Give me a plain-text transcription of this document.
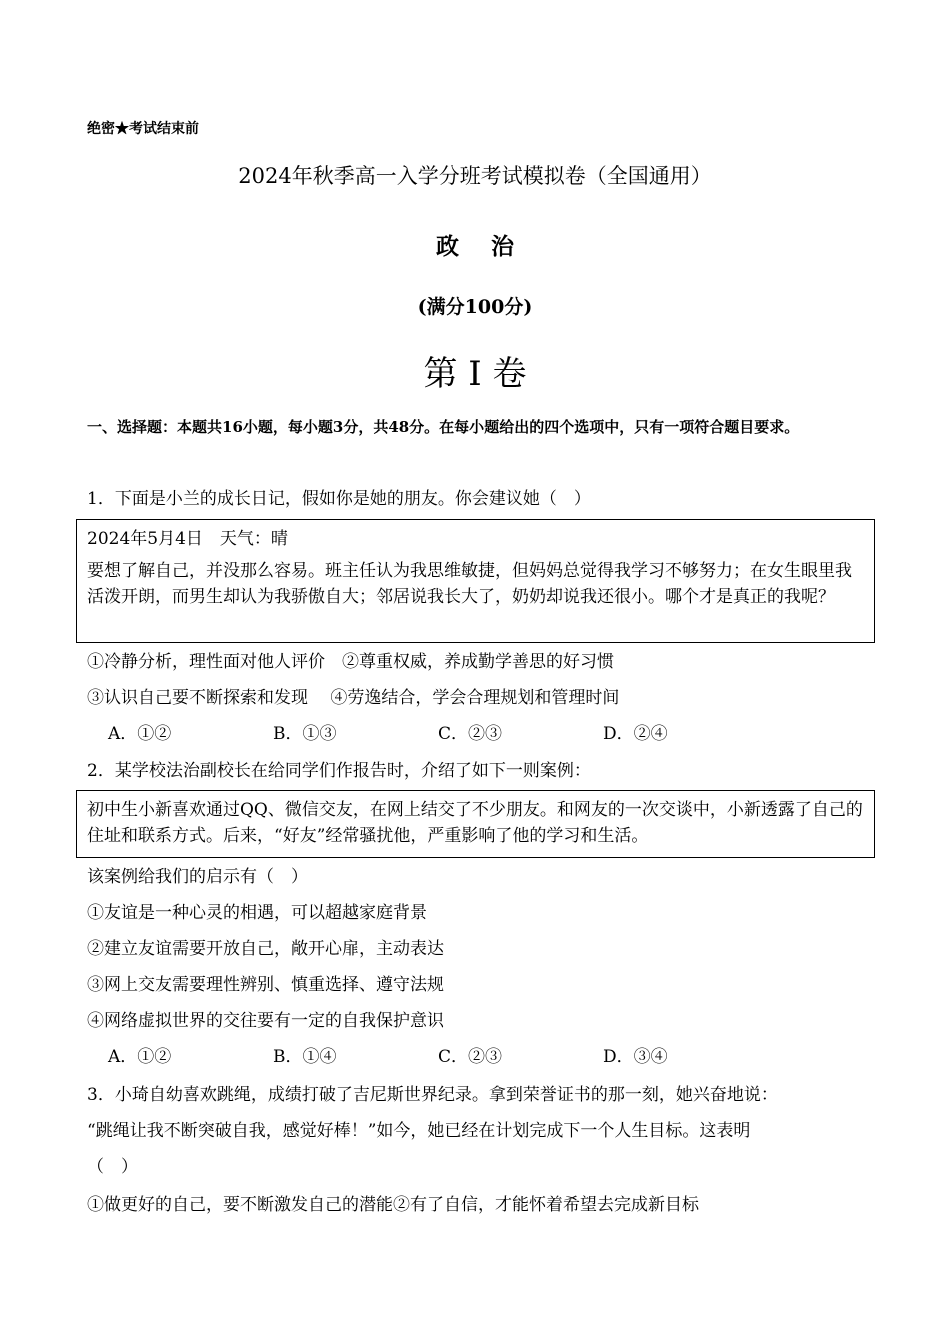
绝密★考试结束前
2024年秋季高一入学分班考试模拟卷（全国通用）
政 治
(满分100分)
第 I 卷
一、选择题：本题共16小题，每小题3分，共48分。在每小题给出的四个选项中，只有一项符合题目要求。
1．下面是小兰的成长日记，假如你是她的朋友。你会建议她（　）

2024年5月4日　天气：晴

要想了解自己，并没那么容易。班主任认为我思维敏捷，但妈妈总觉得我学习不够努力；在女生眼里我活泼开朗，而男生却认为我骄傲自大；邻居说我长大了，奶奶却说我还很小。哪个才是真正的我呢？

①冷静分析，理性面对他人评价　②尊重权威，养成勤学善思的好习惯
③认识自己要不断探索和发现　 ④劳逸结合，学会合理规划和管理时间
A．①②	B．①③	C．②③	D．②④
2．某学校法治副校长在给同学们作报告时，介绍了如下一则案例：

初中生小新喜欢通过QQ、微信交友，在网上结交了不少朋友。和网友的一次交谈中，小新透露了自己的住址和联系方式。后来，“好友”经常骚扰他，严重影响了他的学习和生活。

该案例给我们的启示有（　）
①友谊是一种心灵的相遇，可以超越家庭背景
②建立友谊需要开放自己，敞开心扉，主动表达
③网上交友需要理性辨别、慎重选择、遵守法规
④网络虚拟世界的交往要有一定的自我保护意识
A．①②	B．①④	C．②③	D．③④
3．小琦自幼喜欢跳绳，成绩打破了吉尼斯世界纪录。拿到荣誉证书的那一刻，她兴奋地说：
“跳绳让我不断突破自我，感觉好棒！”如今，她已经在计划完成下一个人生目标。这表明
（　）
①做更好的自己，要不断激发自己的潜能②有了自信，才能怀着希望去完成新目标
